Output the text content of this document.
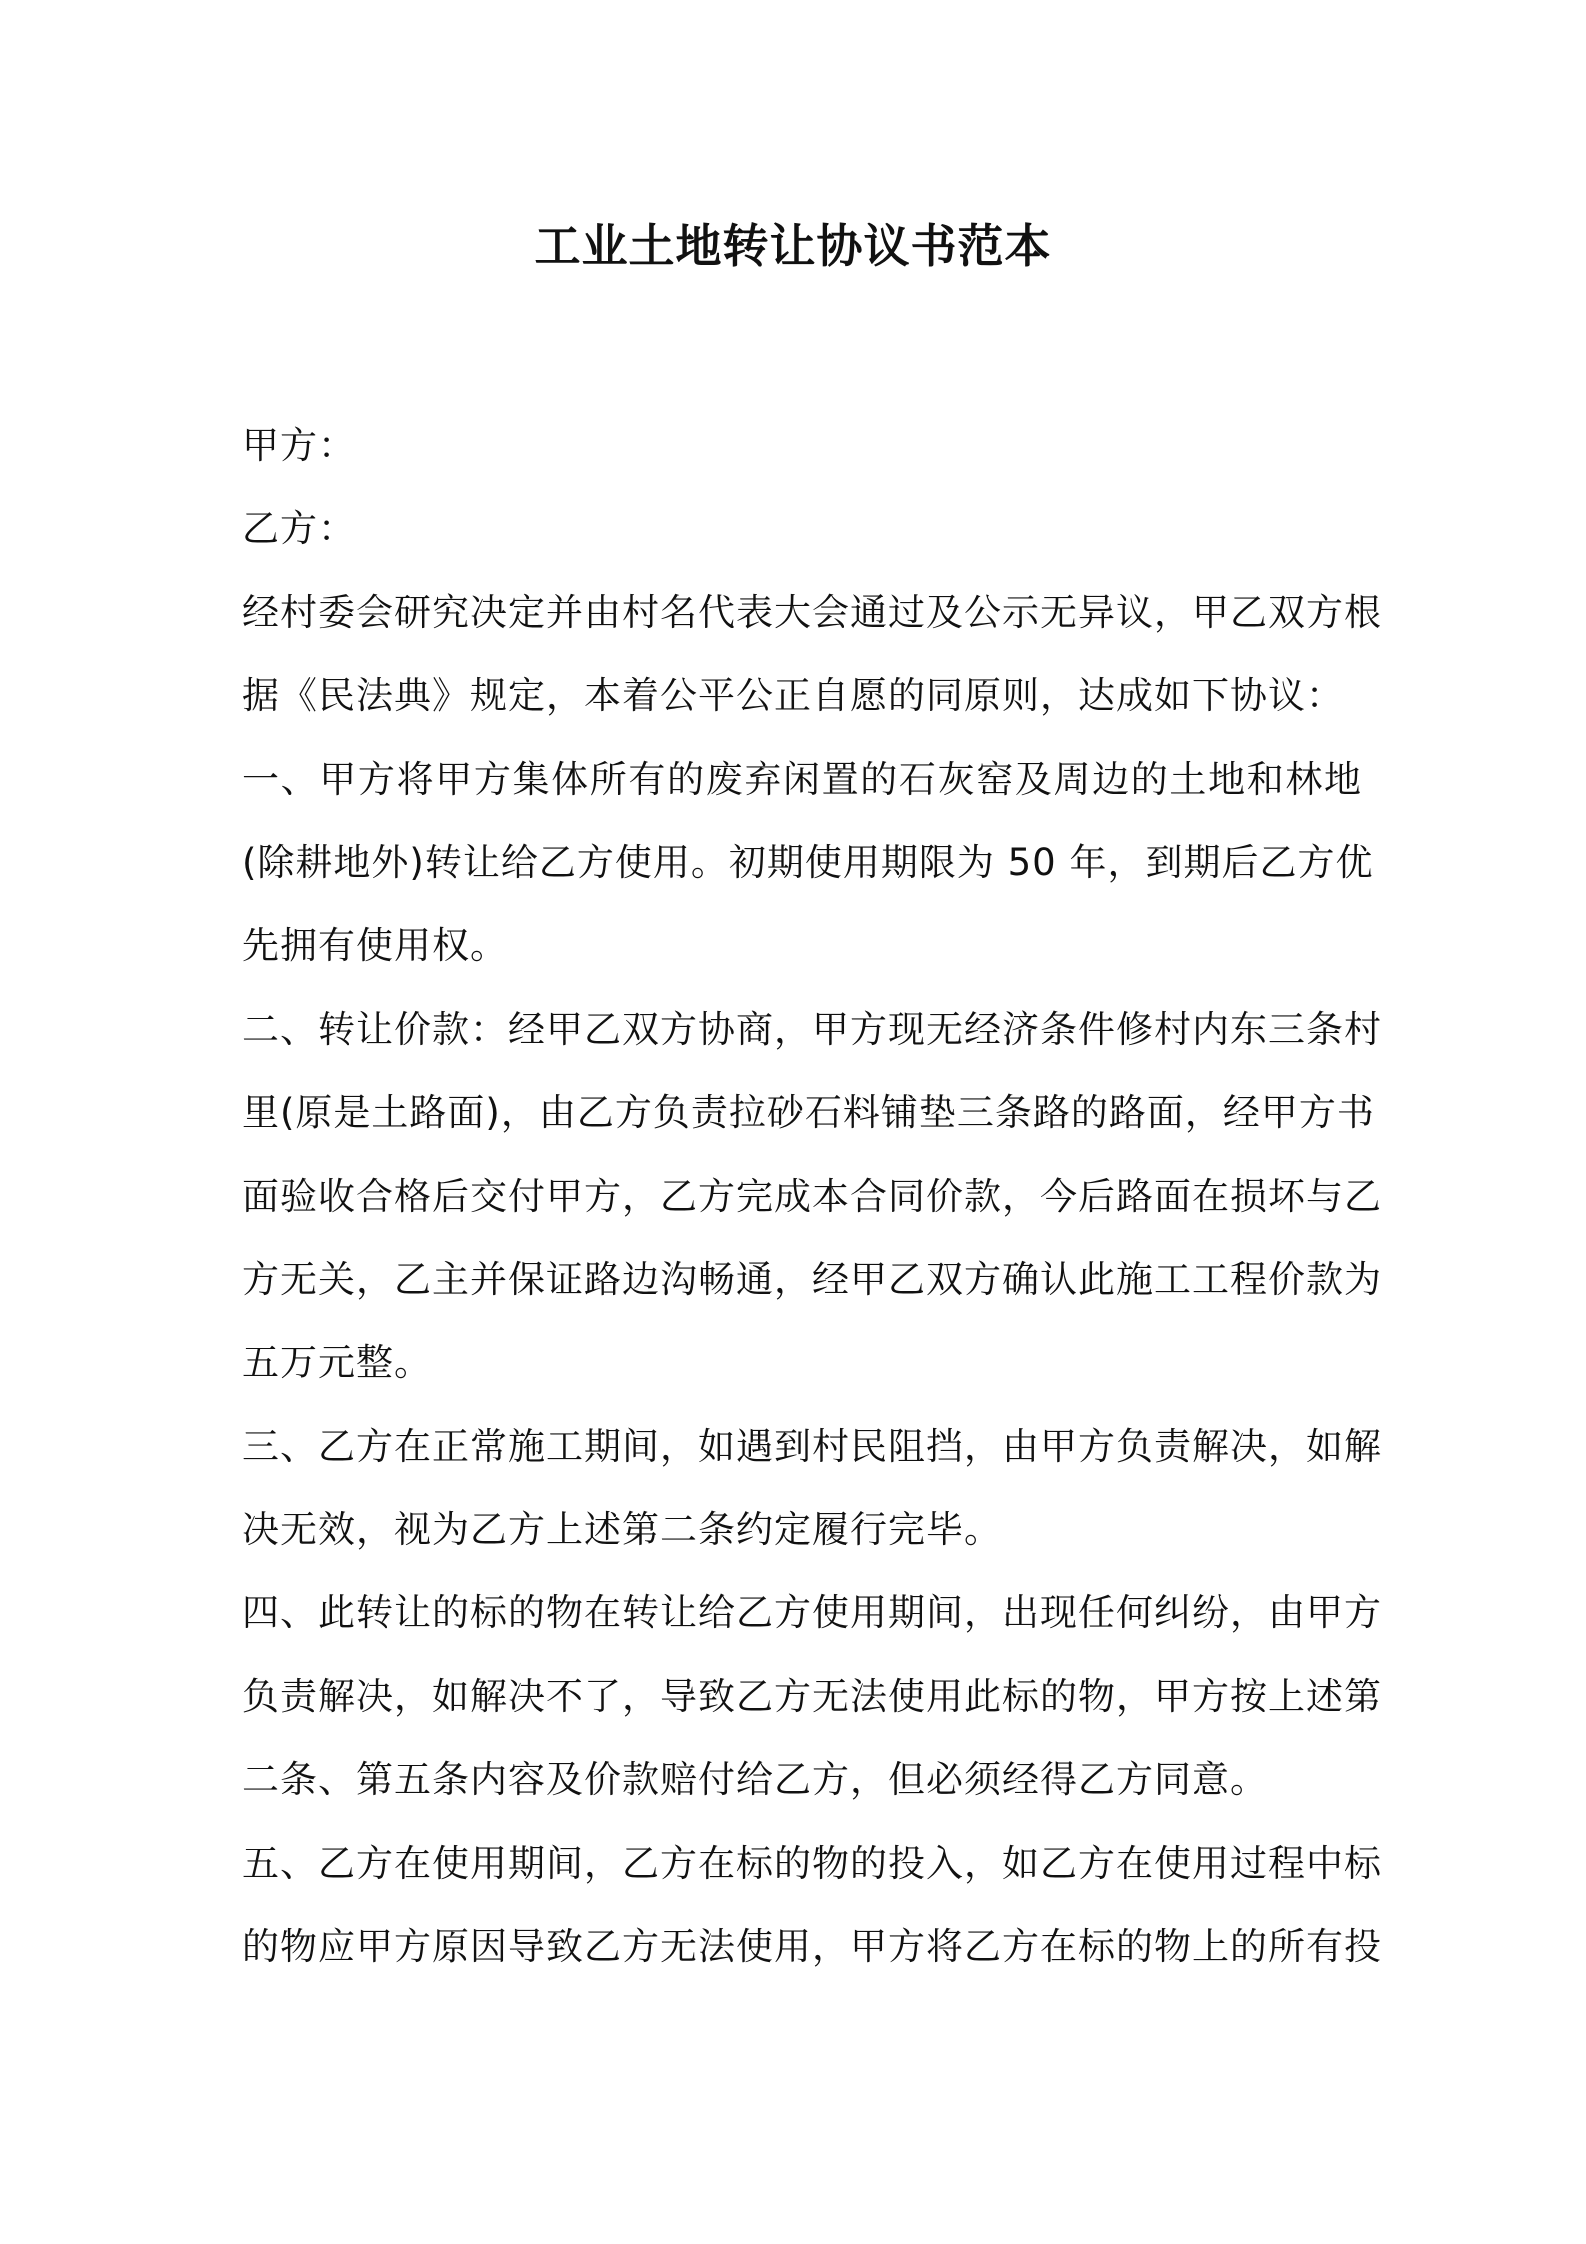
工业土地转让协议书范本
甲方：
乙方：
经村委会研究决定并由村名代表大会通过及公示无异议，甲乙双方根
据《民法典》规定，本着公平公正自愿的同原则，达成如下协议：
一、甲方将甲方集体所有的废弃闲置的石灰窑及周边的土地和林地
(除耕地外)转让给乙方使用。初期使用期限为 50 年，到期后乙方优
先拥有使用权。
二、转让价款：经甲乙双方协商，甲方现无经济条件修村内东三条村
里(原是土路面)，由乙方负责拉砂石料铺垫三条路的路面，经甲方书
面验收合格后交付甲方，乙方完成本合同价款，今后路面在损坏与乙
方无关，乙主并保证路边沟畅通，经甲乙双方确认此施工工程价款为
五万元整。
三、乙方在正常施工期间，如遇到村民阻挡，由甲方负责解决，如解
决无效，视为乙方上述第二条约定履行完毕。
四、此转让的标的物在转让给乙方使用期间，出现任何纠纷，由甲方
负责解决，如解决不了，导致乙方无法使用此标的物，甲方按上述第
二条、第五条内容及价款赔付给乙方，但必须经得乙方同意。
五、乙方在使用期间，乙方在标的物的投入，如乙方在使用过程中标
的物应甲方原因导致乙方无法使用，甲方将乙方在标的物上的所有投
